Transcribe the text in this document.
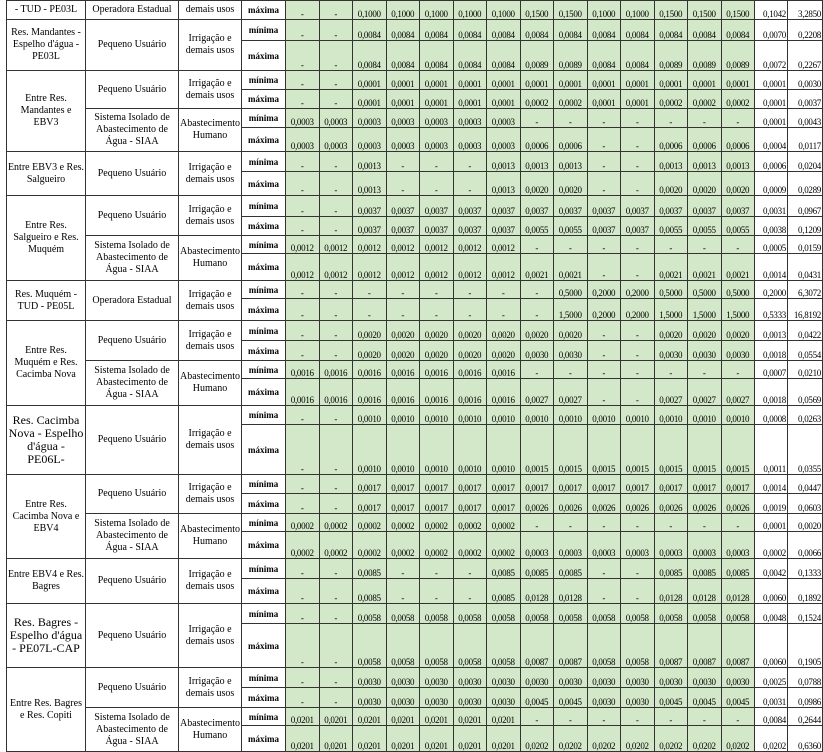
- TUD - PE03L	Operadora Estadual	demais usos	máxima	-	-	0,1000	0,1000	0,1000	0,1000	0,1000	0,1500	0,1500	0,1000	0,1000	0,1500	0,1500	0,1500	0,1042	3,2850
Res. Mandantes - Espelho d'água - PE03L	Pequeno Usuário	Irrigação e demais usos	mínima	-	-	0,0084	0,0084	0,0084	0,0084	0,0084	0,0084	0,0084	0,0084	0,0084	0,0084	0,0084	0,0084	0,0070	0,2208
			máxima	-	-	0,0084	0,0084	0,0084	0,0084	0,0084	0,0089	0,0089	0,0084	0,0084	0,0089	0,0089	0,0089	0,0072	0,2267
Entre Res. Mandantes e EBV3	Pequeno Usuário	Irrigação e demais usos	mínima	-	-	0,0001	0,0001	0,0001	0,0001	0,0001	0,0001	0,0001	0,0001	0,0001	0,0001	0,0001	0,0001	0,0001	0,0030
			máxima	-	-	0,0001	0,0001	0,0001	0,0001	0,0001	0,0002	0,0002	0,0001	0,0001	0,0002	0,0002	0,0002	0,0001	0,0037
	Sistema Isolado de Abastecimento de Água - SIAA	Abastecimento Humano	mínima	0,0003	0,0003	0,0003	0,0003	0,0003	0,0003	0,0003	-	-	-	-	-	-	-	0,0001	0,0043
			máxima	0,0003	0,0003	0,0003	0,0003	0,0003	0,0003	0,0003	0,0006	0,0006	-	-	0,0006	0,0006	0,0006	0,0004	0,0117
Entre EBV3 e Res. Salgueiro	Pequeno Usuário	Irrigação e demais usos	mínima	-	-	0,0013	-	-	-	0,0013	0,0013	0,0013	-	-	0,0013	0,0013	0,0013	0,0006	0,0204
			máxima	-	-	0,0013	-	-	-	0,0013	0,0020	0,0020	-	-	0,0020	0,0020	0,0020	0,0009	0,0289
Entre Res. Salgueiro e Res. Muquém	Pequeno Usuário	Irrigação e demais usos	mínima	-	-	0,0037	0,0037	0,0037	0,0037	0,0037	0,0037	0,0037	0,0037	0,0037	0,0037	0,0037	0,0037	0,0031	0,0967
			máxima	-	-	0,0037	0,0037	0,0037	0,0037	0,0037	0,0055	0,0055	0,0037	0,0037	0,0055	0,0055	0,0055	0,0038	0,1209
	Sistema Isolado de Abastecimento de Água - SIAA	Abastecimento Humano	mínima	0,0012	0,0012	0,0012	0,0012	0,0012	0,0012	0,0012	-	-	-	-	-	-	-	0,0005	0,0159
			máxima	0,0012	0,0012	0,0012	0,0012	0,0012	0,0012	0,0012	0,0021	0,0021	-	-	0,0021	0,0021	0,0021	0,0014	0,0431
Res. Muquém - TUD - PE05L	Operadora Estadual	Irrigação e demais usos	mínima	-	-	-	-	-	-	-	-	0,5000	0,2000	0,2000	0,5000	0,5000	0,5000	0,2000	6,3072
			máxima	-	-	-	-	-	-	-	-	1,5000	0,2000	0,2000	1,5000	1,5000	1,5000	0,5333	16,8192
Entre Res. Muquém e Res. Cacimba Nova	Pequeno Usuário	Irrigação e demais usos	mínima	-	-	0,0020	0,0020	0,0020	0,0020	0,0020	0,0020	0,0020	-	-	0,0020	0,0020	0,0020	0,0013	0,0422
			máxima	-	-	0,0020	0,0020	0,0020	0,0020	0,0020	0,0030	0,0030	-	-	0,0030	0,0030	0,0030	0,0018	0,0554
	Sistema Isolado de Abastecimento de Água - SIAA	Abastecimento Humano	mínima	0,0016	0,0016	0,0016	0,0016	0,0016	0,0016	0,0016	-	-	-	-	-	-	-	0,0007	0,0210
			máxima	0,0016	0,0016	0,0016	0,0016	0,0016	0,0016	0,0016	0,0027	0,0027	-	-	0,0027	0,0027	0,0027	0,0018	0,0569
Res. Cacimba Nova - Espelho d'água - PE06L-	Pequeno Usuário	Irrigação e demais usos	mínima	-	-	0,0010	0,0010	0,0010	0,0010	0,0010	0,0010	0,0010	0,0010	0,0010	0,0010	0,0010	0,0010	0,0008	0,0263
			máxima	-	-	0,0010	0,0010	0,0010	0,0010	0,0010	0,0015	0,0015	0,0015	0,0015	0,0015	0,0015	0,0015	0,0011	0,0355
Entre Res. Cacimba Nova e EBV4	Pequeno Usuário	Irrigação e demais usos	mínima	-	-	0,0017	0,0017	0,0017	0,0017	0,0017	0,0017	0,0017	0,0017	0,0017	0,0017	0,0017	0,0017	0,0014	0,0447
			máxima	-	-	0,0017	0,0017	0,0017	0,0017	0,0017	0,0026	0,0026	0,0026	0,0026	0,0026	0,0026	0,0026	0,0019	0,0603
	Sistema Isolado de Abastecimento de Água - SIAA	Abastecimento Humano	mínima	0,0002	0,0002	0,0002	0,0002	0,0002	0,0002	0,0002	-	-	-	-	-	-	-	0,0001	0,0020
			máxima	0,0002	0,0002	0,0002	0,0002	0,0002	0,0002	0,0002	0,0003	0,0003	0,0003	0,0003	0,0003	0,0003	0,0003	0,0002	0,0066
Entre EBV4 e Res. Bagres	Pequeno Usuário	Irrigação e demais usos	mínima	-	-	0,0085	-	-	-	0,0085	0,0085	0,0085	-	-	0,0085	0,0085	0,0085	0,0042	0,1333
			máxima	-	-	0,0085	-	-	-	0,0085	0,0128	0,0128	-	-	0,0128	0,0128	0,0128	0,0060	0,1892
Res. Bagres - Espelho d'água - PE07L-CAP	Pequeno Usuário	Irrigação e demais usos	mínima	-	-	0,0058	0,0058	0,0058	0,0058	0,0058	0,0058	0,0058	0,0058	0,0058	0,0058	0,0058	0,0058	0,0048	0,1524
			máxima	-	-	0,0058	0,0058	0,0058	0,0058	0,0058	0,0087	0,0087	0,0058	0,0058	0,0087	0,0087	0,0087	0,0060	0,1905
Entre Res. Bagres e Res. Copiti	Pequeno Usuário	Irrigação e demais usos	mínima	-	-	0,0030	0,0030	0,0030	0,0030	0,0030	0,0030	0,0030	0,0030	0,0030	0,0030	0,0030	0,0030	0,0025	0,0788
			máxima	-	-	0,0030	0,0030	0,0030	0,0030	0,0030	0,0045	0,0045	0,0030	0,0030	0,0045	0,0045	0,0045	0,0031	0,0986
	Sistema Isolado de Abastecimento de Água - SIAA	Abastecimento Humano	mínima	0,0201	0,0201	0,0201	0,0201	0,0201	0,0201	0,0201	-	-	-	-	-	-	-	0,0084	0,2644
			máxima	0,0201	0,0201	0,0201	0,0201	0,0201	0,0201	0,0201	0,0202	0,0202	0,0202	0,0202	0,0202	0,0202	0,0202	0,0202	0,6360
